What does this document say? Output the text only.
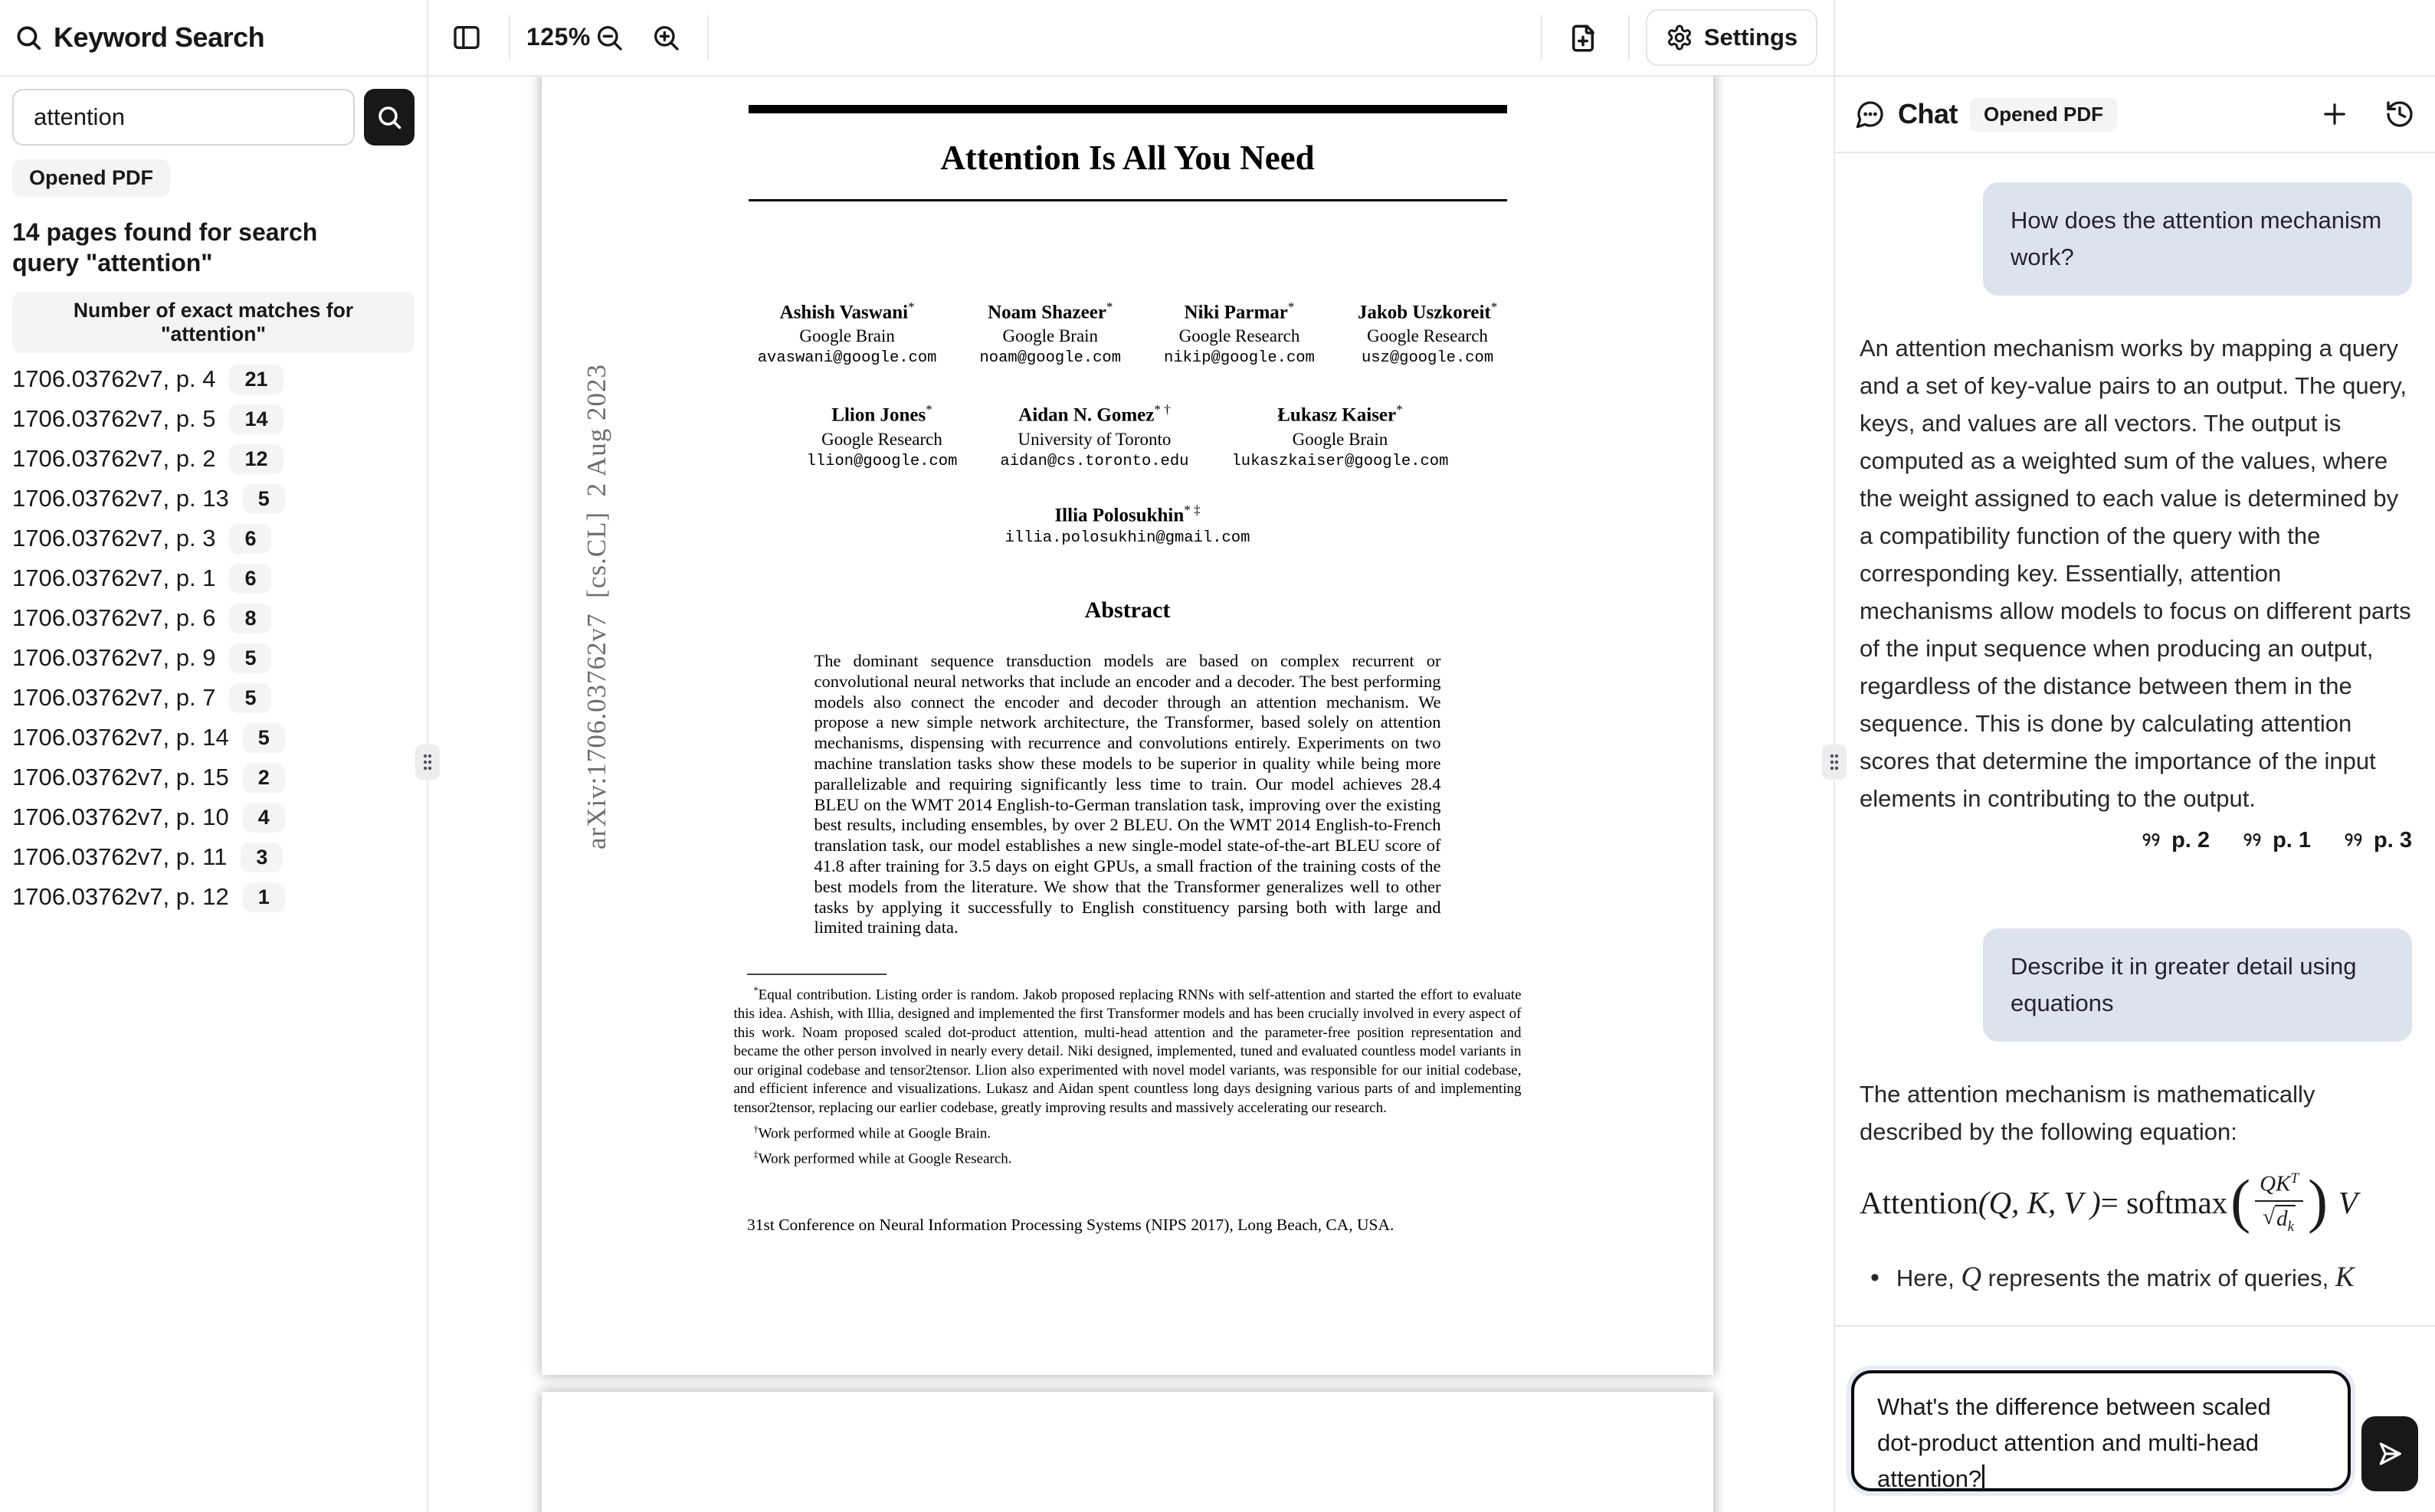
Keyword Search
attention
Opened PDF
14 pages found for search query "attention"
Number of exact matches for "attention"
1706.03762v7, p. 4	21
1706.03762v7, p. 5	14
1706.03762v7, p. 2	12
1706.03762v7, p. 13	5
1706.03762v7, p. 3	6
1706.03762v7, p. 1	6
1706.03762v7, p. 6	8
1706.03762v7, p. 9	5
1706.03762v7, p. 7	5
1706.03762v7, p. 14	5
1706.03762v7, p. 15	2
1706.03762v7, p. 10	4
1706.03762v7, p. 11	3
1706.03762v7, p. 12	1
125%	Settings
arXiv:1706.03762v7  [cs.CL]  2 Aug 2023
Attention Is All You Need
Ashish Vaswani*
Google Brain
avaswani@google.com
Noam Shazeer*
Google Brain
noam@google.com
Niki Parmar*
Google Research
nikip@google.com
Jakob Uszkoreit*
Google Research
usz@google.com
Llion Jones*
Google Research
llion@google.com
Aidan N. Gomez* †
University of Toronto
aidan@cs.toronto.edu
Łukasz Kaiser*
Google Brain
lukaszkaiser@google.com
Illia Polosukhin* ‡
illia.polosukhin@gmail.com
Abstract
The dominant sequence transduction models are based on complex recurrent or convolutional neural networks that include an encoder and a decoder. The best performing models also connect the encoder and decoder through an attention mechanism. We propose a new simple network architecture, the Transformer, based solely on attention mechanisms, dispensing with recurrence and convolutions entirely. Experiments on two machine translation tasks show these models to be superior in quality while being more parallelizable and requiring significantly less time to train. Our model achieves 28.4 BLEU on the WMT 2014 English-to-German translation task, improving over the existing best results, including ensembles, by over 2 BLEU. On the WMT 2014 English-to-French translation task, our model establishes a new single-model state-of-the-art BLEU score of 41.8 after training for 3.5 days on eight GPUs, a small fraction of the training costs of the best models from the literature. We show that the Transformer generalizes well to other tasks by applying it successfully to English constituency parsing both with large and limited training data.
*Equal contribution. Listing order is random. Jakob proposed replacing RNNs with self-attention and started the effort to evaluate this idea. Ashish, with Illia, designed and implemented the first Transformer models and has been crucially involved in every aspect of this work. Noam proposed scaled dot-product attention, multi-head attention and the parameter-free position representation and became the other person involved in nearly every detail. Niki designed, implemented, tuned and evaluated countless model variants in our original codebase and tensor2tensor. Llion also experimented with novel model variants, was responsible for our initial codebase, and efficient inference and visualizations. Lukasz and Aidan spent countless long days designing various parts of and implementing tensor2tensor, replacing our earlier codebase, greatly improving results and massively accelerating our research.
†Work performed while at Google Brain.
‡Work performed while at Google Research.
31st Conference on Neural Information Processing Systems (NIPS 2017), Long Beach, CA, USA.
Chat	Opened PDF
How does the attention mechanism work?
An attention mechanism works by mapping a query and a set of key-value pairs to an output. The query, keys, and values are all vectors. The output is computed as a weighted sum of the values, where the weight assigned to each value is determined by a compatibility function of the query with the corresponding key. Essentially, attention mechanisms allow models to focus on different parts of the input sequence when producing an output, regardless of the distance between them in the sequence. This is done by calculating attention scores that determine the importance of the input elements in contributing to the output.
p. 2	p. 1	p. 3
Describe it in greater detail using equations
The attention mechanism is mathematically described by the following equation:
Attention (Q, K, V ) = softmax ( $\frac{QK^T}{√ d_k}$ ) V
• Here, Q represents the matrix of queries, K
What's the difference between scaled
dot-product attention and multi-head
attention?
